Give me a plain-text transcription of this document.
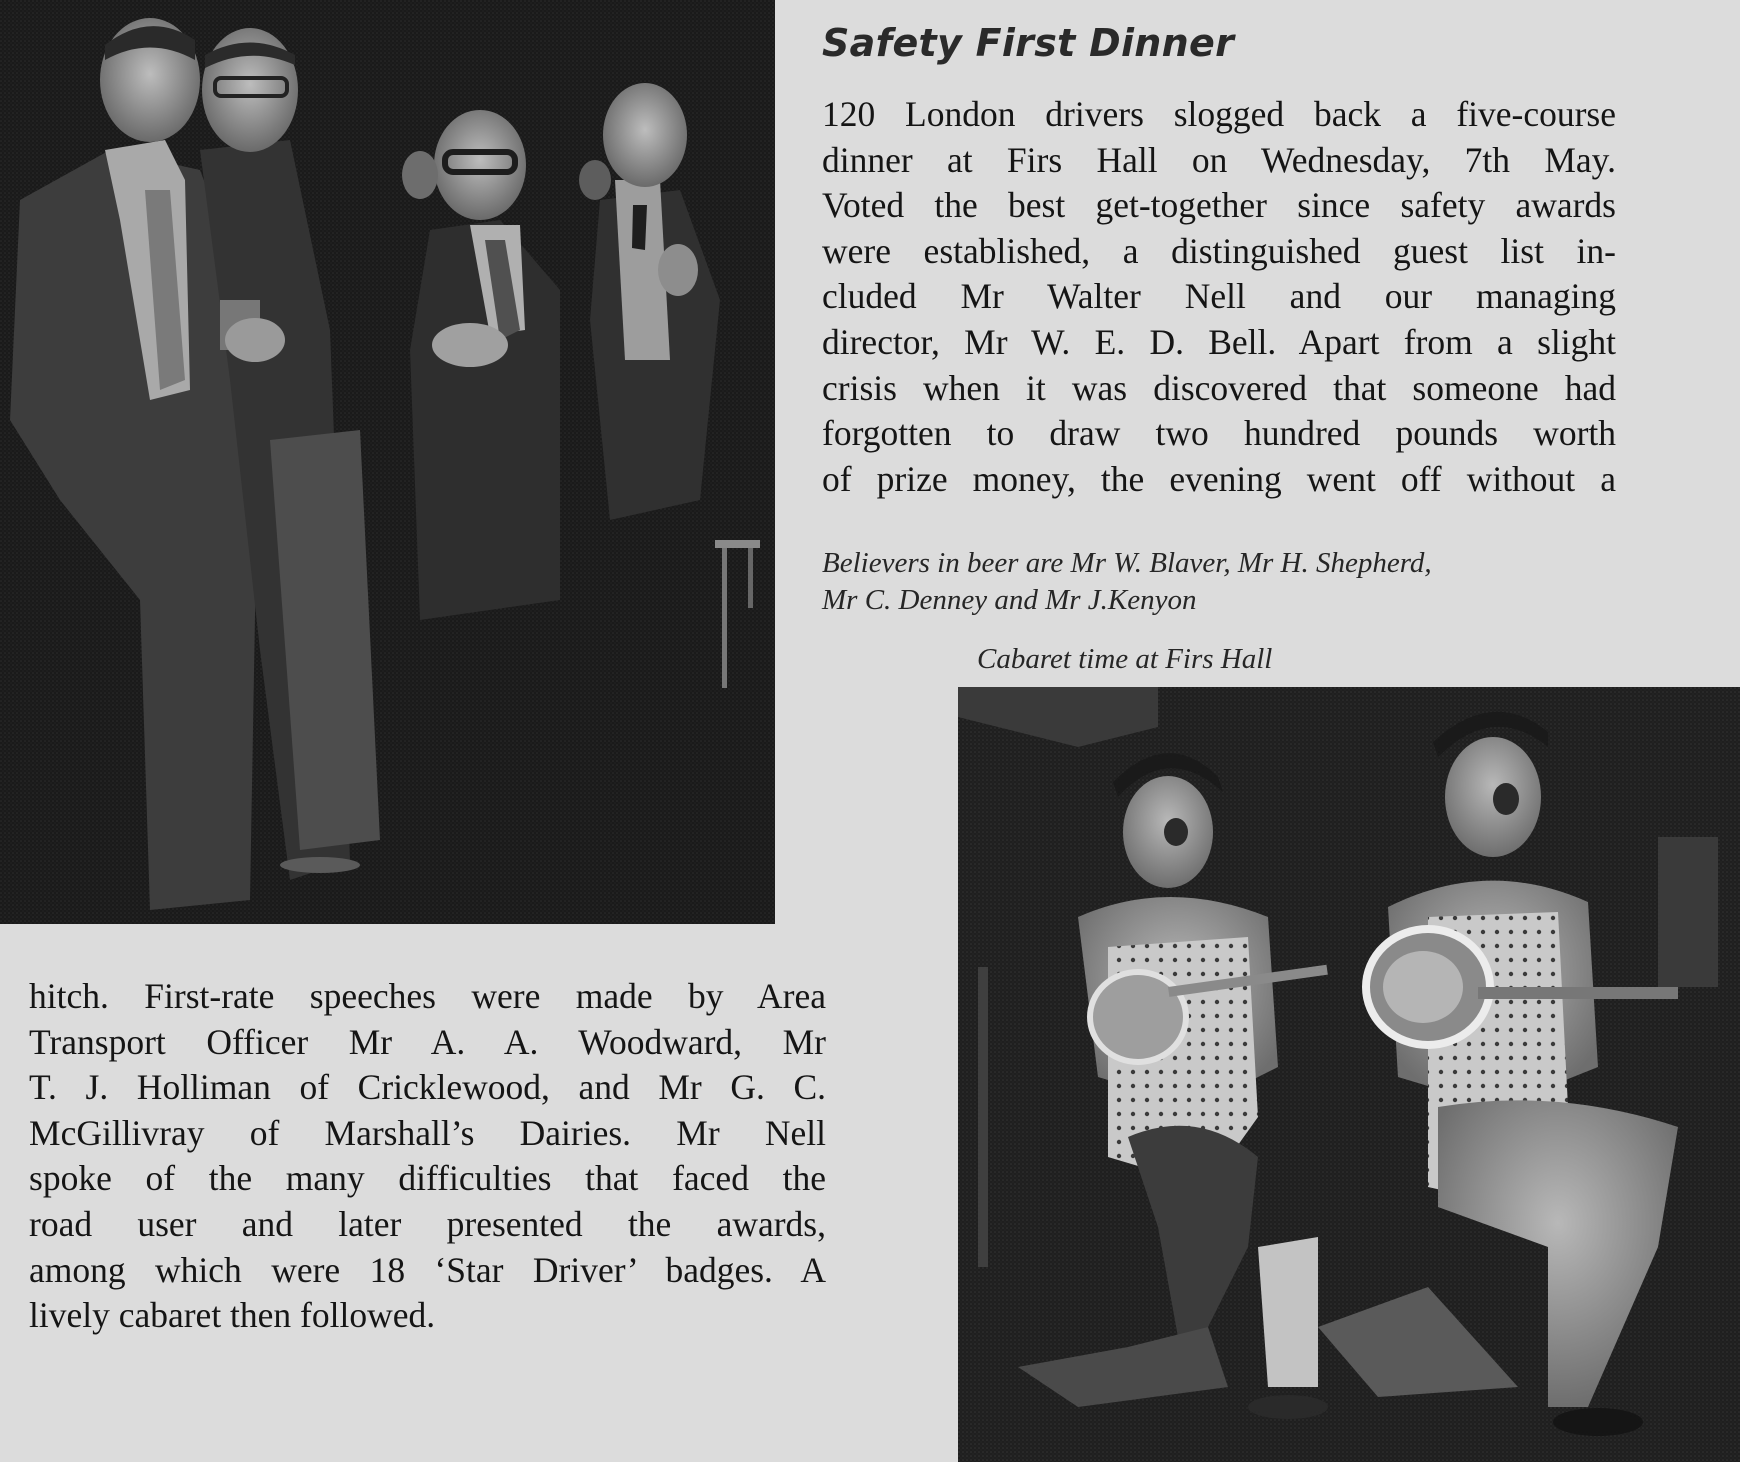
Safety First Dinner

120 London drivers slogged back a five-course
dinner at Firs Hall on Wednesday, 7th May.
Voted the best get-together since safety awards
were established, a distinguished guest list in-
cluded Mr Walter Nell and our managing
director, Mr W. E. D. Bell. Apart from a slight
crisis when it was discovered that someone had
forgotten to draw two hundred pounds worth
of prize money, the evening went off without a

Believers in beer are Mr W. Blaver, Mr H. Shepherd,
Mr C. Denney and Mr J.Kenyon

Cabaret time at Firs Hall

hitch. First-rate speeches were made by Area
Transport Officer Mr A. A. Woodward, Mr
T. J. Holliman of Cricklewood, and Mr G. C.
McGillivray of Marshall’s Dairies. Mr Nell
spoke of the many difficulties that faced the
road user and later presented the awards,
among which were 18 ‘Star Driver’ badges. A
lively cabaret then followed.
